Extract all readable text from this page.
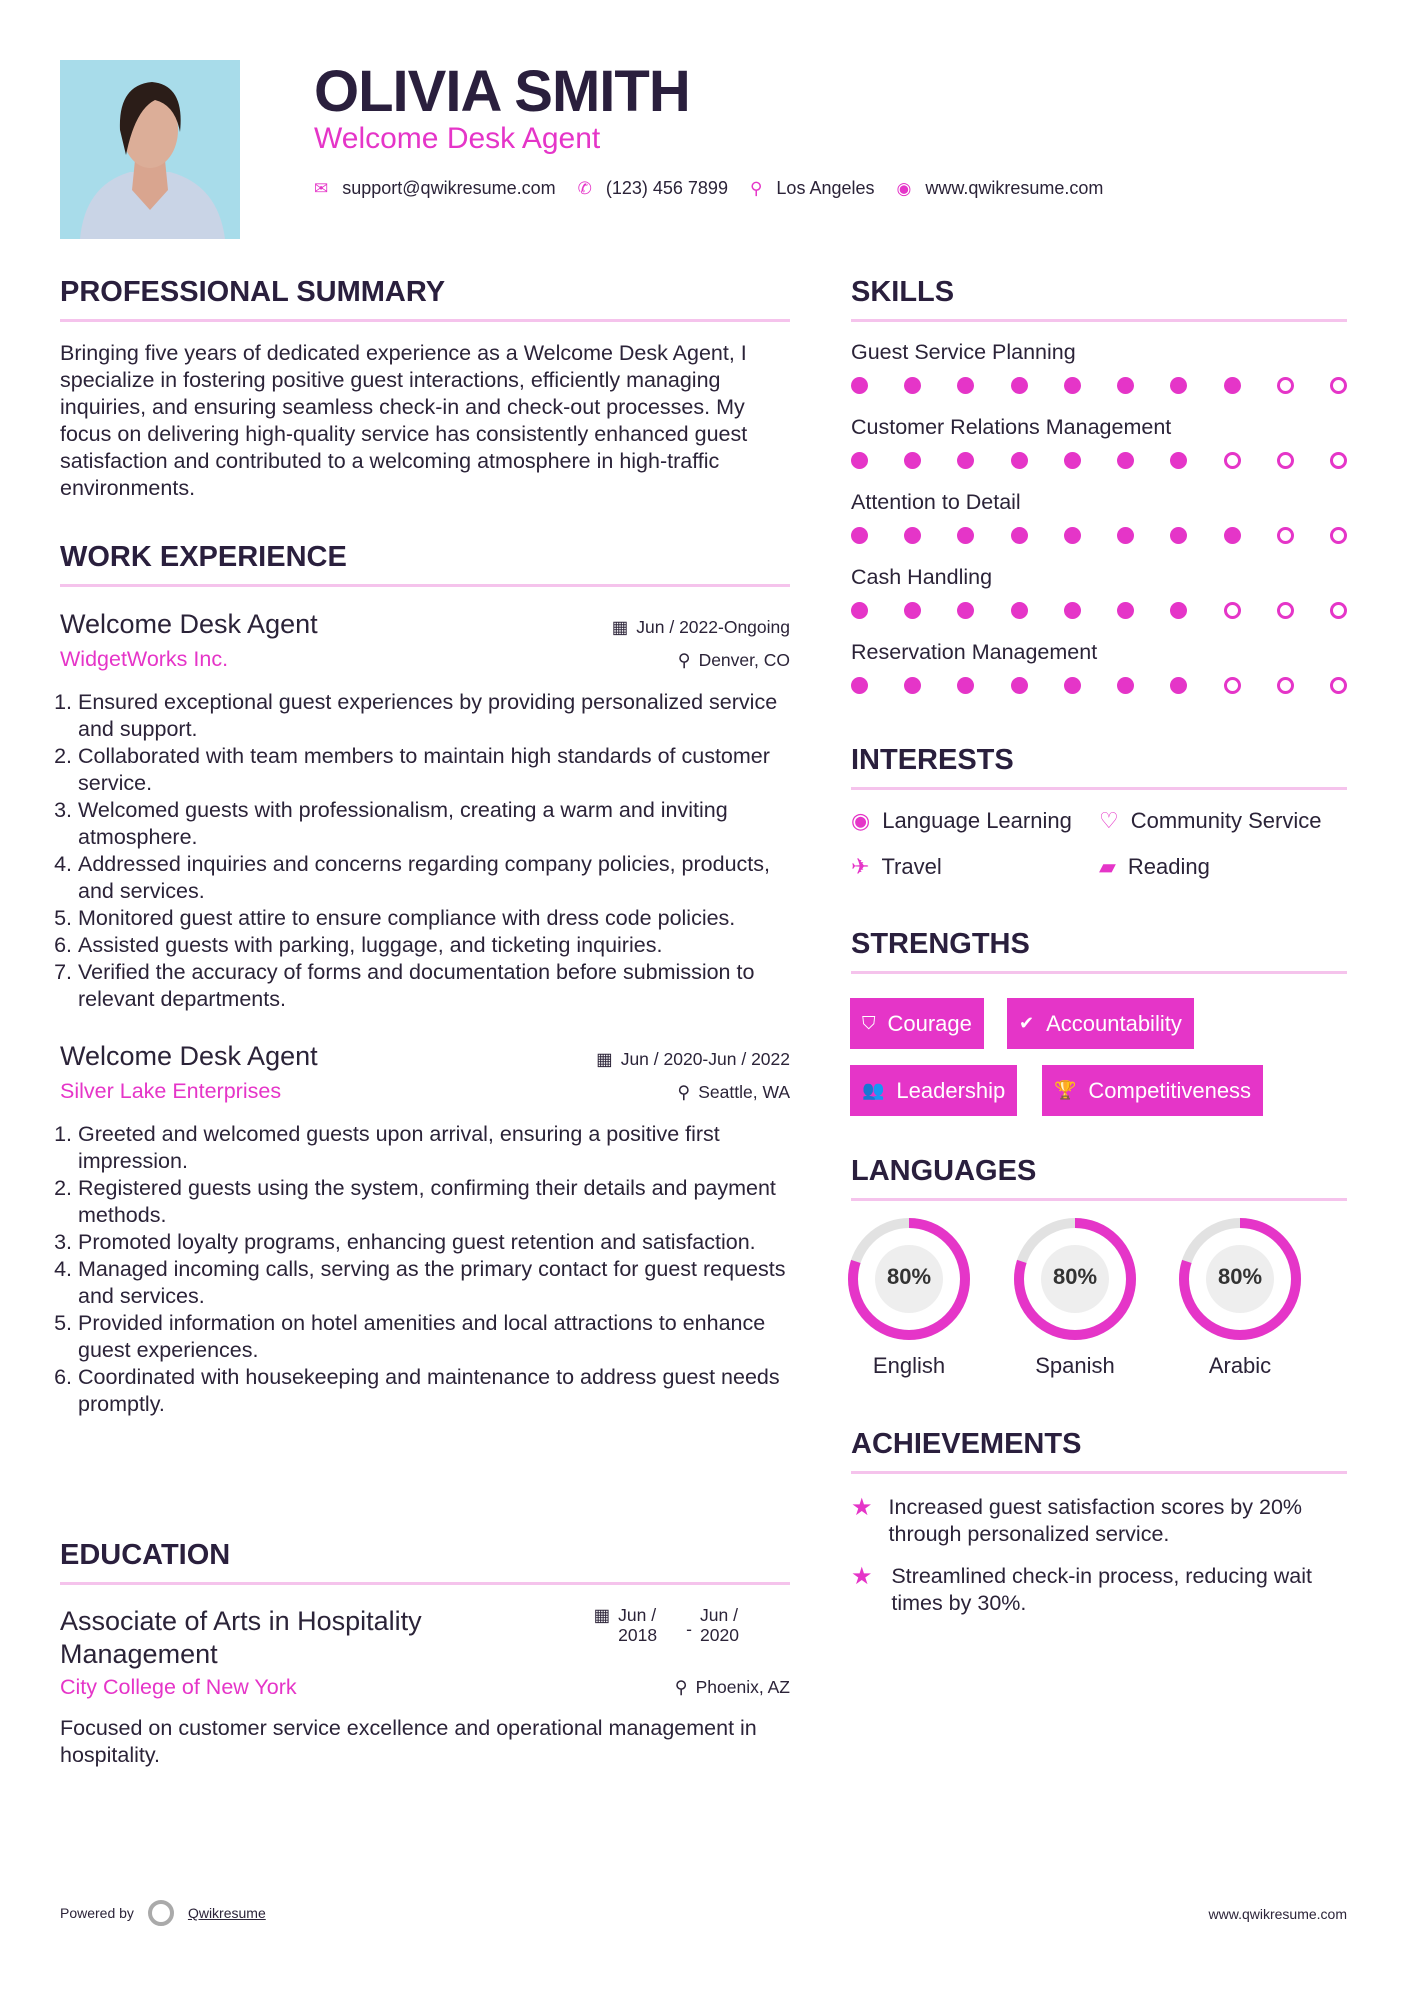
OLIVIA SMITH
Welcome Desk Agent
✉ support@qwikresume.com ✆ (123) 456 7899 ⚲ Los Angeles ◉ www.qwikresume.com
PROFESSIONAL SUMMARY

Bringing five years of dedicated experience as a Welcome Desk Agent, I specialize in fostering positive guest interactions, efficiently managing inquiries, and ensuring seamless check-in and check-out processes. My focus on delivering high-quality service has consistently enhanced guest satisfaction and contributed to a welcoming atmosphere in high-traffic environments.

WORK EXPERIENCE
Welcome Desk Agent	▦ Jun / 2022-Ongoing
WidgetWorks Inc.	⚲ Denver, CO
1. Ensured exceptional guest experiences by providing personalized service and support.
2. Collaborated with team members to maintain high standards of customer service.
3. Welcomed guests with professionalism, creating a warm and inviting atmosphere.
4. Addressed inquiries and concerns regarding company policies, products, and services.
5. Monitored guest attire to ensure compliance with dress code policies.
6. Assisted guests with parking, luggage, and ticketing inquiries.
7. Verified the accuracy of forms and documentation before submission to relevant departments.
Welcome Desk Agent	▦ Jun / 2020-Jun / 2022
Silver Lake Enterprises	⚲ Seattle, WA
1. Greeted and welcomed guests upon arrival, ensuring a positive first impression.
2. Registered guests using the system, confirming their details and payment methods.
3. Promoted loyalty programs, enhancing guest retention and satisfaction.
4. Managed incoming calls, serving as the primary contact for guest requests and services.
5. Provided information on hotel amenities and local attractions to enhance guest experiences.
6. Coordinated with housekeeping and maintenance to address guest needs promptly.
EDUCATION
Associate of Arts in Hospitality Management
▦ Jun / 2018	-
Jun / 2020
City College of New York	⚲ Phoenix, AZ

Focused on customer service excellence and operational management in hospitality.

SKILLS
Guest Service Planning
Customer Relations Management
Attention to Detail
Cash Handling
Reservation Management
INTERESTS
◉ Language Learning ♡ Community Service
✈ Travel	▰ Reading
STRENGTHS
⛉ Courage	✔ Accountability
👥 Leadership	🏆 Competitiveness
LANGUAGES
80%
English
80%
Spanish
80%
Arabic
ACHIEVEMENTS
★ Increased guest satisfaction scores by 20% through personalized service.
★ Streamlined check-in process, reducing wait times by 30%.
Powered by	Qwikresume	www.qwikresume.com
